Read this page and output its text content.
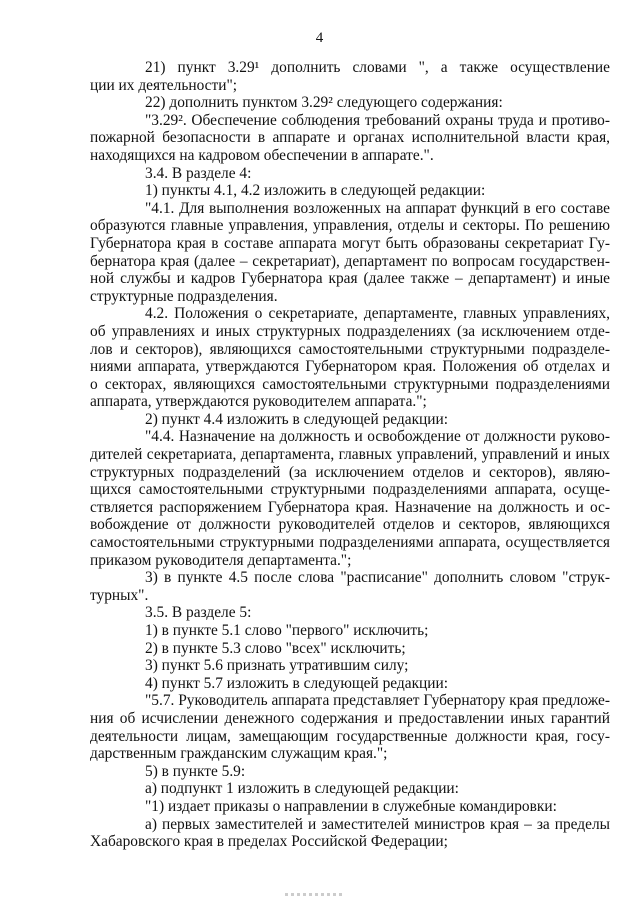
4
21) пункт 3.29¹ дополнить словами ", а также осуществление
ции их деятельности";
22) дополнить пунктом 3.29² следующего содержания:
"3.29². Обеспечение соблюдения требований охраны труда и противо-
пожарной безопасности в аппарате и органах исполнительной власти края,
находящихся на кадровом обеспечении в аппарате.".
3.4. В разделе 4:
1) пункты 4.1, 4.2 изложить в следующей редакции:
"4.1. Для выполнения возложенных на аппарат функций в его составе
образуются главные управления, управления, отделы и секторы. По решению
Губернатора края в составе аппарата могут быть образованы секретариат Гу-
бернатора края (далее – секретариат), департамент по вопросам государствен-
ной службы и кадров Губернатора края (далее также – департамент) и иные
структурные подразделения.
4.2. Положения о секретариате, департаменте, главных управлениях,
об управлениях и иных структурных подразделениях (за исключением отде-
лов и секторов), являющихся самостоятельными структурными подразделе-
ниями аппарата, утверждаются Губернатором края. Положения об отделах и
о секторах, являющихся самостоятельными структурными подразделениями
аппарата, утверждаются руководителем аппарата.";
2) пункт 4.4 изложить в следующей редакции:
"4.4. Назначение на должность и освобождение от должности руково-
дителей секретариата, департамента, главных управлений, управлений и иных
структурных подразделений (за исключением отделов и секторов), являю-
щихся самостоятельными структурными подразделениями аппарата, осуще-
ствляется распоряжением Губернатора края. Назначение на должность и ос-
вобождение от должности руководителей отделов и секторов, являющихся
самостоятельными структурными подразделениями аппарата, осуществляется
приказом руководителя департамента.";
3) в пункте 4.5 после слова "расписание" дополнить словом "струк-
турных".
3.5. В разделе 5:
1) в пункте 5.1 слово "первого" исключить;
2) в пункте 5.3 слово "всех" исключить;
3) пункт 5.6 признать утратившим силу;
4) пункт 5.7 изложить в следующей редакции:
"5.7. Руководитель аппарата представляет Губернатору края предложе-
ния об исчислении денежного содержания и предоставлении иных гарантий
деятельности лицам, замещающим государственные должности края, госу-
дарственным гражданским служащим края.";
5) в пункте 5.9:
а) подпункт 1 изложить в следующей редакции:
"1) издает приказы о направлении в служебные командировки:
а) первых заместителей и заместителей министров края – за пределы
Хабаровского края в пределах Российской Федерации;
